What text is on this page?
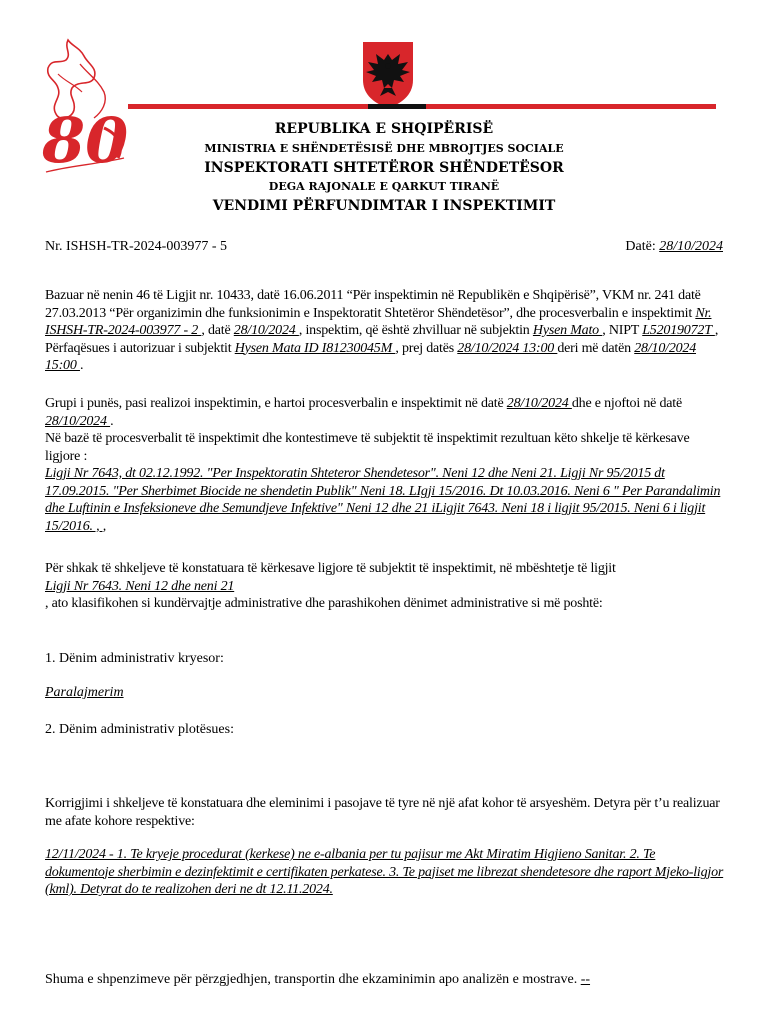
80	REPUBLIKA E SHQIPËRISË
MINISTRIA E SHËNDETËSISË DHE MBROJTJES SOCIALE
INSPEKTORATI SHTETËROR SHËNDETËSOR
DEGA RAJONALE E QARKUT TIRANË
VENDIMI PËRFUNDIMTAR I INSPEKTIMIT
Nr. ISHSH-TR-2024-003977 - 5	Datë: 28/10/2024
Bazuar në nenin 46 të Ligjit nr. 10433, datë 16.06.2011 “Për inspektimin në Republikën e Shqipërisë”, VKM nr. 241 datë 27.03.2013 “Për organizimin dhe funksionimin e Inspektoratit Shtetëror Shëndetësor”, dhe procesverbalin e inspektimit Nr. ISHSH-TR-2024-003977 - 2 , datë 28/10/2024 , inspektim, që është zhvilluar në subjektin Hysen Mato , NIPT L52019072T , Përfaqësues i autorizuar i subjektit Hysen Mata ID I81230045M , prej datës 28/10/2024 13:00 deri më datën 28/10/2024 15:00 .
Grupi i punës, pasi realizoi inspektimin, e hartoi procesverbalin e inspektimit në datë 28/10/2024 dhe e njoftoi në datë 28/10/2024 .
Në bazë të procesverbalit të inspektimit dhe kontestimeve të subjektit të inspektimit rezultuan këto shkelje të kërkesave ligjore :
Ligji Nr 7643, dt 02.12.1992. "Per Inspektoratin Shteteror Shendetesor". Neni 12 dhe Neni 21. Ligji Nr 95/2015 dt 17.09.2015. "Per Sherbimet Biocide ne shendetin Publik" Neni 18. LIgji 15/2016. Dt 10.03.2016. Neni 6 " Per Parandalimin dhe Luftinin e Insfeksioneve dhe Semundjeve Infektive" Neni 12 dhe 21 iLigjit 7643. Neni 18 i ligjit 95/2015. Neni 6 i ligjit 15/2016. , ,
Për shkak të shkeljeve të konstatuara të kërkesave ligjore të subjektit të inspektimit, në mbështetje të ligjit
Ligji Nr 7643. Neni 12 dhe neni 21
, ato klasifikohen si kundërvajtje administrative dhe parashikohen dënimet administrative si më poshtë:
1. Dënim administrativ kryesor:
Paralajmerim
2. Dënim administrativ plotësues:
Korrigjimi i shkeljeve të konstatuara dhe eleminimi i pasojave të tyre në një afat kohor të arsyeshëm. Detyra për t’u realizuar me afate kohore respektive:
12/11/2024 - 1. Te kryeje procedurat (kerkese) ne e-albania per tu pajisur me Akt Miratim Higjieno Sanitar. 2. Te dokumentoje sherbimin e dezinfektimit e certifikaten perkatese. 3. Te pajiset me librezat shendetesore dhe raport Mjeko-ligjor (kml). Detyrat do te realizohen deri ne dt 12.11.2024.
Shuma e shpenzimeve për përzgjedhjen, transportin dhe ekzaminimin apo analizën e mostrave. --
